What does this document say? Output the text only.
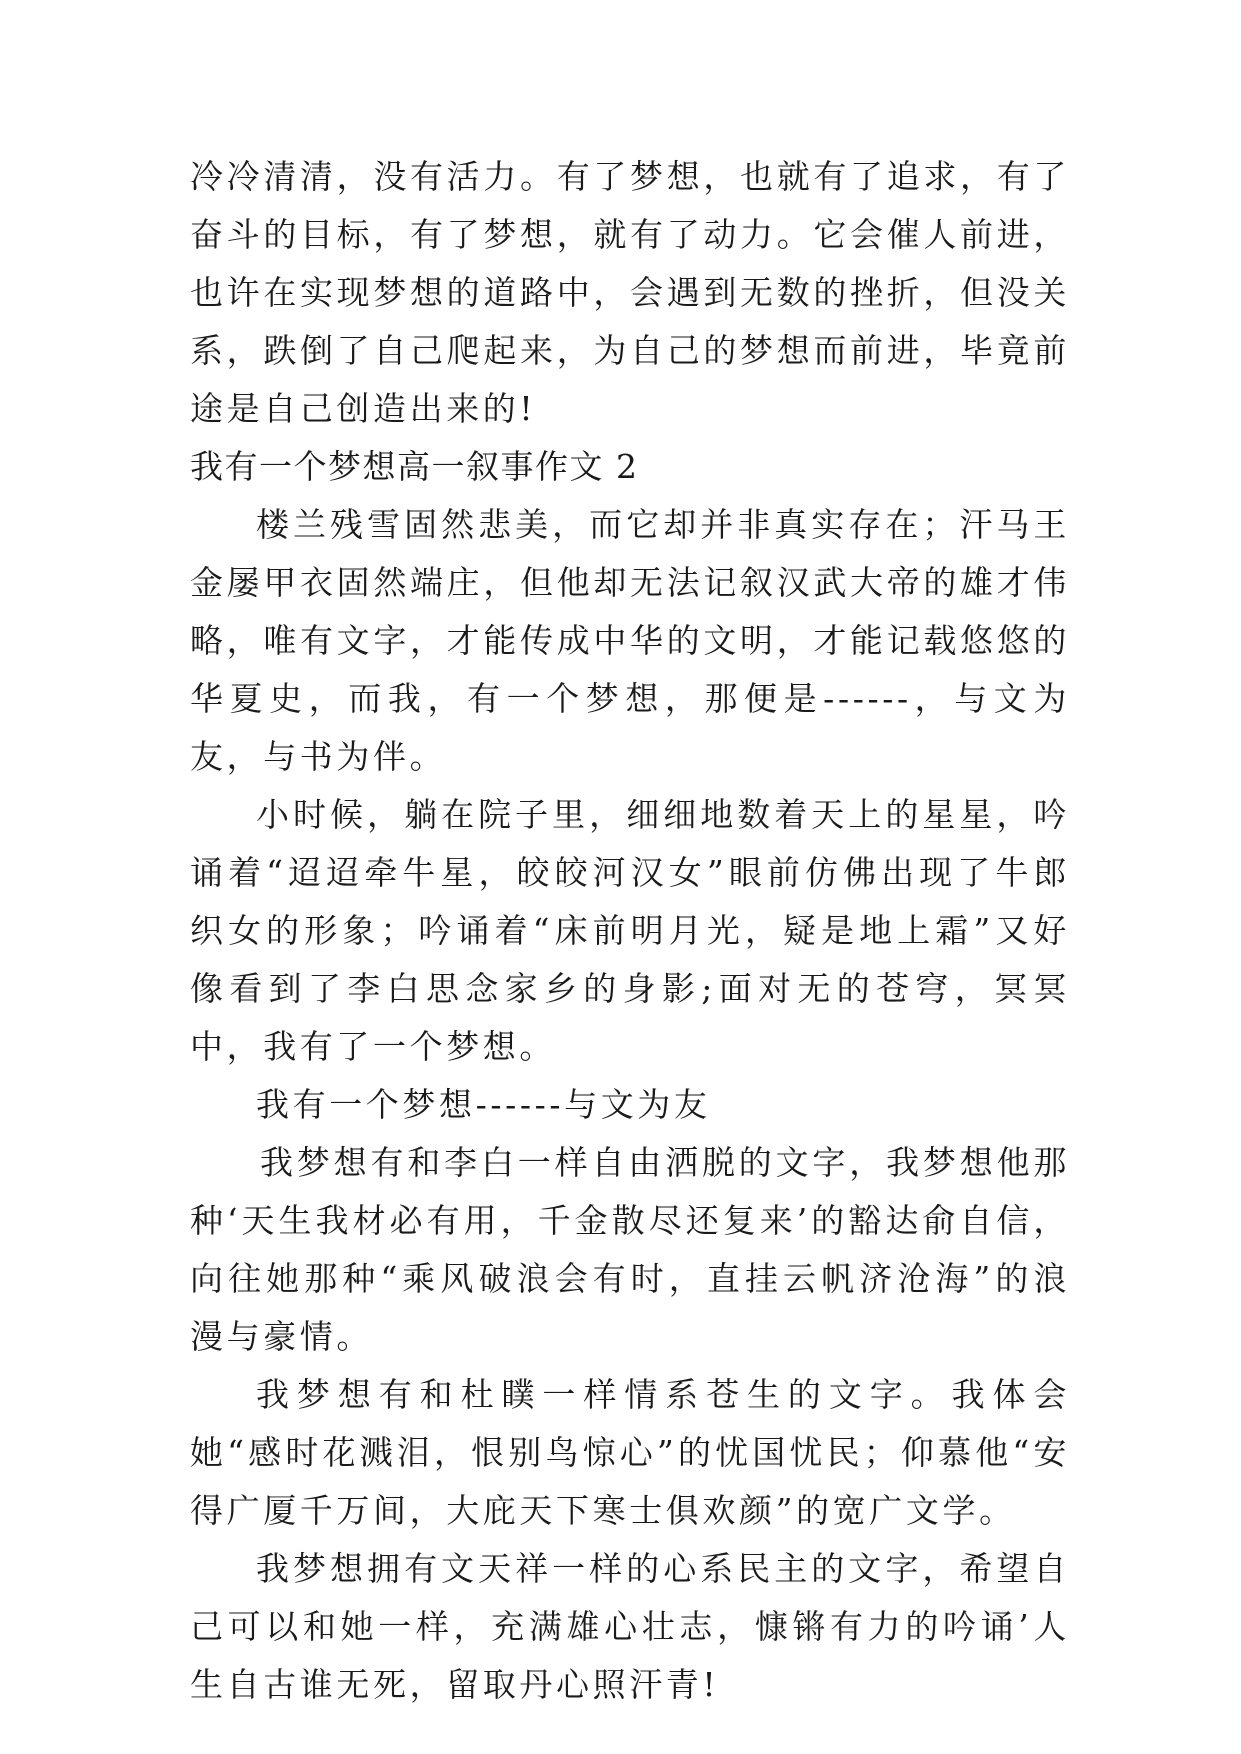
冷冷清清，没有活力。有了梦想，也就有了追求，有了奋斗的目标，有了梦想，就有了动力。它会催人前进，也许在实现梦想的道路中，会遇到无数的挫折，但没关系，跌倒了自己爬起来，为自己的梦想而前进，毕竟前途是自己创造出来的!

我有一个梦想高一叙事作文 2

楼兰残雪固然悲美，而它却并非真实存在；汗马王金屡甲衣固然端庄，但他却无法记叙汉武大帝的雄才伟略，唯有文字，才能传成中华的文明，才能记载悠悠的华夏史，而我，有一个梦想，那便是------，与文为友，与书为伴。

小时候，躺在院子里，细细地数着天上的星星，吟诵着“迢迢牵牛星，皎皎河汉女”眼前仿佛出现了牛郎织女的形象；吟诵着“床前明月光，疑是地上霜”又好像看到了李白思念家乡的身影;面对无的苍穹，冥冥中，我有了一个梦想。

我有一个梦想------与文为友

我梦想有和李白一样自由洒脱的文字，我梦想他那种‘天生我材必有用，千金散尽还复来’的豁达俞自信，向往她那种“乘风破浪会有时，直挂云帆济沧海”的浪漫与豪情。

我梦想有和杜瞨一样情系苍生的文字。我体会她“感时花溅泪，恨别鸟惊心”的忧国忧民；仰慕他“安得广厦千万间，大庇天下寒士俱欢颜”的宽广文学。

我梦想拥有文天祥一样的心系民主的文字，希望自己可以和她一样，充满雄心壮志，慷锵有力的吟诵’人生自古谁无死，留取丹心照汗青!
